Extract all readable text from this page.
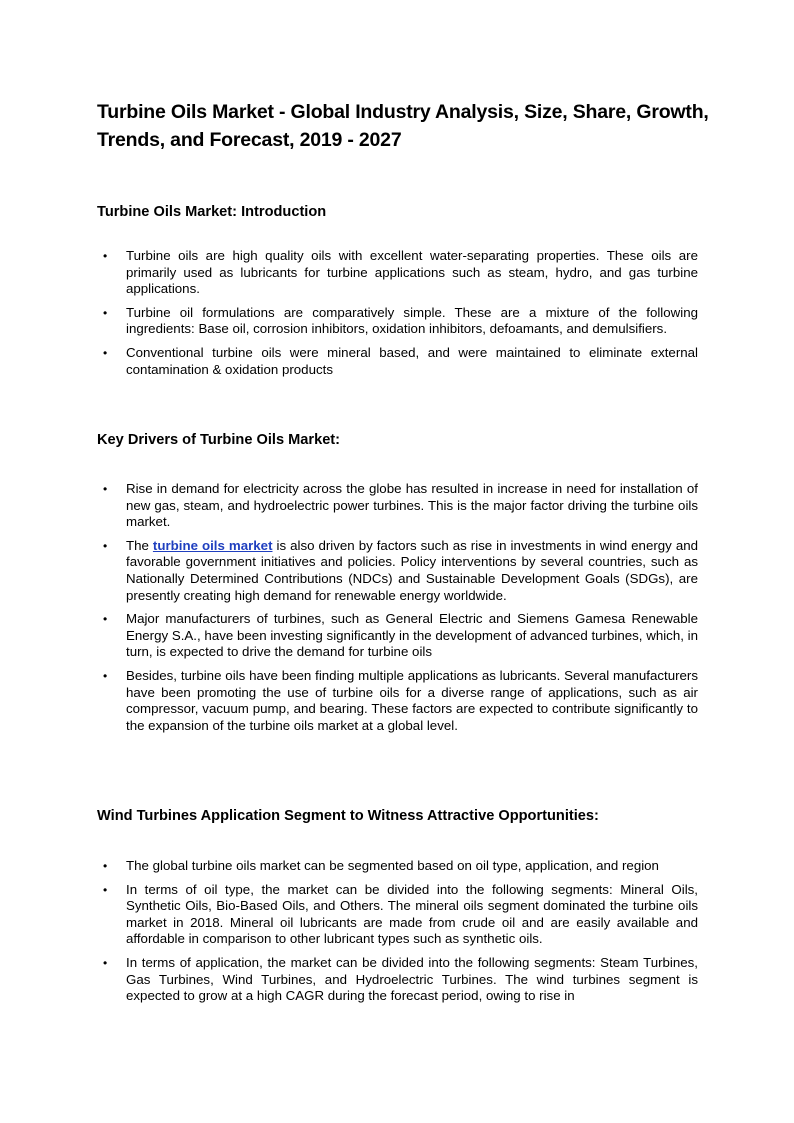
Turbine Oils Market - Global Industry Analysis, Size, Share, Growth, Trends, and Forecast, 2019 - 2027
Turbine Oils Market: Introduction
• Turbine oils are high quality oils with excellent water-separating properties. These oils are primarily used as lubricants for turbine applications such as steam, hydro, and gas turbine applications.
• Turbine oil formulations are comparatively simple. These are a mixture of the following ingredients: Base oil, corrosion inhibitors, oxidation inhibitors, defoamants, and demulsifiers.
• Conventional turbine oils were mineral based, and were maintained to eliminate external contamination & oxidation products
Key Drivers of Turbine Oils Market:
• Rise in demand for electricity across the globe has resulted in increase in need for installation of new gas, steam, and hydroelectric power turbines. This is the major factor driving the turbine oils market.
• The turbine oils market is also driven by factors such as rise in investments in wind energy and favorable government initiatives and policies. Policy interventions by several countries, such as Nationally Determined Contributions (NDCs) and Sustainable Development Goals (SDGs), are presently creating high demand for renewable energy worldwide.
• Major manufacturers of turbines, such as General Electric and Siemens Gamesa Renewable Energy S.A., have been investing significantly in the development of advanced turbines, which, in turn, is expected to drive the demand for turbine oils
• Besides, turbine oils have been finding multiple applications as lubricants. Several manufacturers have been promoting the use of turbine oils for a diverse range of applications, such as air compressor, vacuum pump, and bearing. These factors are expected to contribute significantly to the expansion of the turbine oils market at a global level.
Wind Turbines Application Segment to Witness Attractive Opportunities:
• The global turbine oils market can be segmented based on oil type, application, and region
• In terms of oil type, the market can be divided into the following segments: Mineral Oils, Synthetic Oils, Bio-Based Oils, and Others. The mineral oils segment dominated the turbine oils market in 2018. Mineral oil lubricants are made from crude oil and are easily available and affordable in comparison to other lubricant types such as synthetic oils.
• In terms of application, the market can be divided into the following segments: Steam Turbines, Gas Turbines, Wind Turbines, and Hydroelectric Turbines. The wind turbines segment is expected to grow at a high CAGR during the forecast period, owing to rise in
